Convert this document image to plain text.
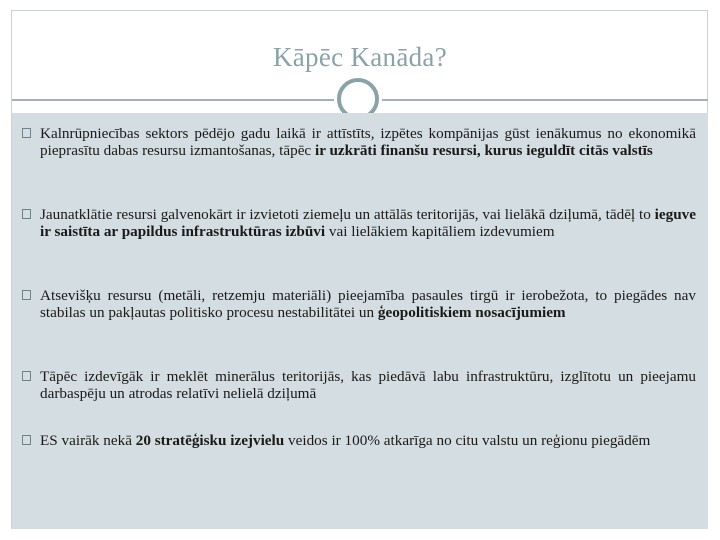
Kāpēc Kanāda?
Kalnrūpniecības sektors pēdējo gadu laikā ir attīstīts, izpētes kompānijas gūst ienākumus no ekonomikā pieprasītu dabas resursu izmantošanas, tāpēc ir uzkrāti finanšu resursi, kurus ieguldīt citās valstīs
Jaunatklātie resursi galvenokārt ir izvietoti ziemeļu un attālās teritorijās, vai lielākā dziļumā, tādēļ to ieguve ir saistīta ar papildus infrastruktūras izbūvi vai lielākiem kapitāliem izdevumiem
Atsevišķu resursu (metāli, retzemju materiāli) pieejamība pasaules tirgū ir ierobežota, to piegādes nav stabilas un pakļautas politisko procesu nestabilitātei un ģeopolitiskiem nosacījumiem
Tāpēc izdevīgāk ir meklēt minerālus teritorijās, kas piedāvā labu infrastruktūru, izglītotu un pieejamu darbaspēju un atrodas relatīvi nelielā dziļumā
ES vairāk nekā 20 stratēģisku izejvielu veidos ir 100% atkarīga no citu valstu un reģionu piegādēm
